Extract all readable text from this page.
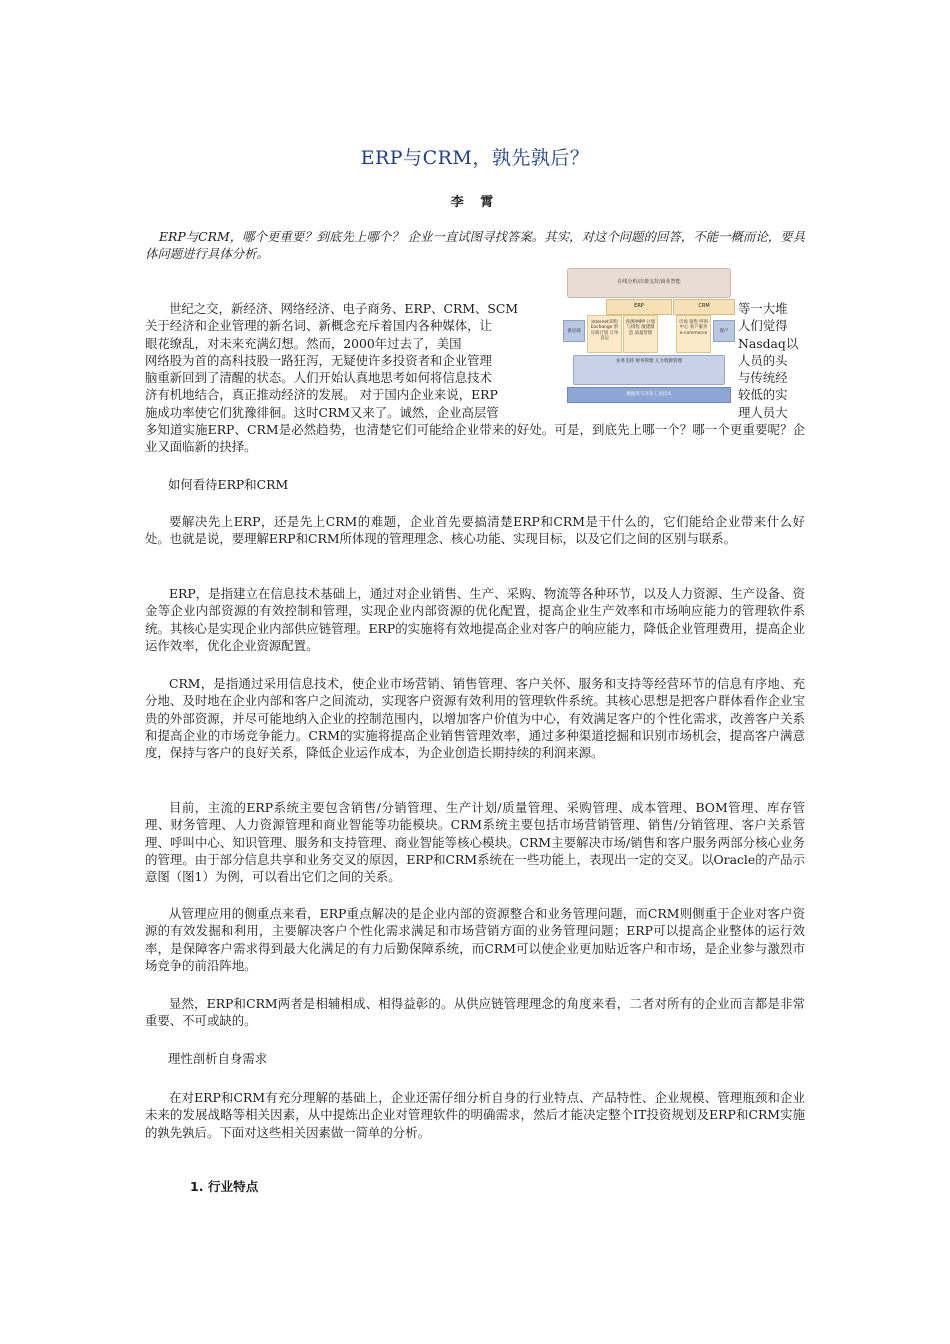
ERP与CRM，孰先孰后？
李 霄

ERP与CRM，哪个更重要？到底先上哪个？ 企业一直试图寻找答案。其实，对这个问题的回答，不能一概而论，要具体问题进行具体分析。

在线分析/决策支持/商业智能
ERP	CRM
供应商
Internet采购 Exchange 供应商计划 订单直运
预测/MPP 计划与排程 敏捷制造 质量管理
市场 销售 呼叫中心 客户服务 e-commerce	客户
业务支持 财务管理 人力资源管理
数据库与开发工具技术
世纪之交，新经济、网络经济、电子商务、ERP、CRM、SCM	等一大堆
关于经济和企业管理的新名词、新概念充斥着国内各种媒体，让	人们觉得
眼花缭乱，对未来充满幻想。然而，2000年过去了，美国	Nasdaq以
网络股为首的高科技股一路狂泻，无疑使许多投资者和企业管理	人员的头
脑重新回到了清醒的状态。人们开始认真地思考如何将信息技术	与传统经
济有机地结合，真正推动经济的发展。 对于国内企业来说，ERP	较低的实
施成功率使它们犹豫徘徊。这时CRM又来了。诚然，企业高层管	理人员大
多知道实施ERP、CRM是必然趋势，也清楚它们可能给企业带来的好处。可是，到底先上哪一个？哪一个更重要呢？企业又面临新的抉择。

如何看待ERP和CRM

要解决先上ERP，还是先上CRM的难题，企业首先要搞清楚ERP和CRM是干什么的，它们能给企业带来什么好处。也就是说，要理解ERP和CRM所体现的管理理念、核心功能、实现目标，以及它们之间的区别与联系。

ERP，是指建立在信息技术基础上，通过对企业销售、生产、采购、物流等各种环节，以及人力资源、生产设备、资金等企业内部资源的有效控制和管理，实现企业内部资源的优化配置，提高企业生产效率和市场响应能力的管理软件系统。其核心是实现企业内部供应链管理。ERP的实施将有效地提高企业对客户的响应能力，降低企业管理费用，提高企业运作效率，优化企业资源配置。

CRM，是指通过采用信息技术，使企业市场营销、销售管理、客户关怀、服务和支持等经营环节的信息有序地、充分地、及时地在企业内部和客户之间流动，实现客户资源有效利用的管理软件系统。其核心思想是把客户群体看作企业宝贵的外部资源，并尽可能地纳入企业的控制范围内，以增加客户价值为中心，有效满足客户的个性化需求，改善客户关系和提高企业的市场竞争能力。CRM的实施将提高企业销售管理效率，通过多种渠道挖掘和识别市场机会，提高客户满意度，保持与客户的良好关系，降低企业运作成本，为企业创造长期持续的利润来源。

目前，主流的ERP系统主要包含销售/分销管理、生产计划/质量管理、采购管理、成本管理、BOM管理、库存管理、财务管理、人力资源管理和商业智能等功能模块。CRM系统主要包括市场营销管理、销售/分销管理、客户关系管理、呼叫中心、知识管理、服务和支持管理、商业智能等核心模块。CRM主要解决市场/销售和客户服务两部分核心业务的管理。由于部分信息共享和业务交叉的原因，ERP和CRM系统在一些功能上，表现出一定的交叉。以Oracle的产品示意图（图1）为例，可以看出它们之间的关系。

从管理应用的侧重点来看，ERP重点解决的是企业内部的资源整合和业务管理问题，而CRM则侧重于企业对客户资源的有效发掘和利用，主要解决客户个性化需求满足和市场营销方面的业务管理问题；ERP可以提高企业整体的运行效率，是保障客户需求得到最大化满足的有力后勤保障系统，而CRM可以使企业更加贴近客户和市场，是企业参与激烈市场竞争的前沿阵地。

显然，ERP和CRM两者是相辅相成、相得益彰的。从供应链管理理念的角度来看，二者对所有的企业而言都是非常重要、不可或缺的。

理性剖析自身需求

在对ERP和CRM有充分理解的基础上，企业还需仔细分析自身的行业特点、产品特性、企业规模、管理瓶颈和企业未来的发展战略等相关因素，从中提炼出企业对管理软件的明确需求，然后才能决定整个IT投资规划及ERP和CRM实施的孰先孰后。下面对这些相关因素做一简单的分析。

1. 行业特点
